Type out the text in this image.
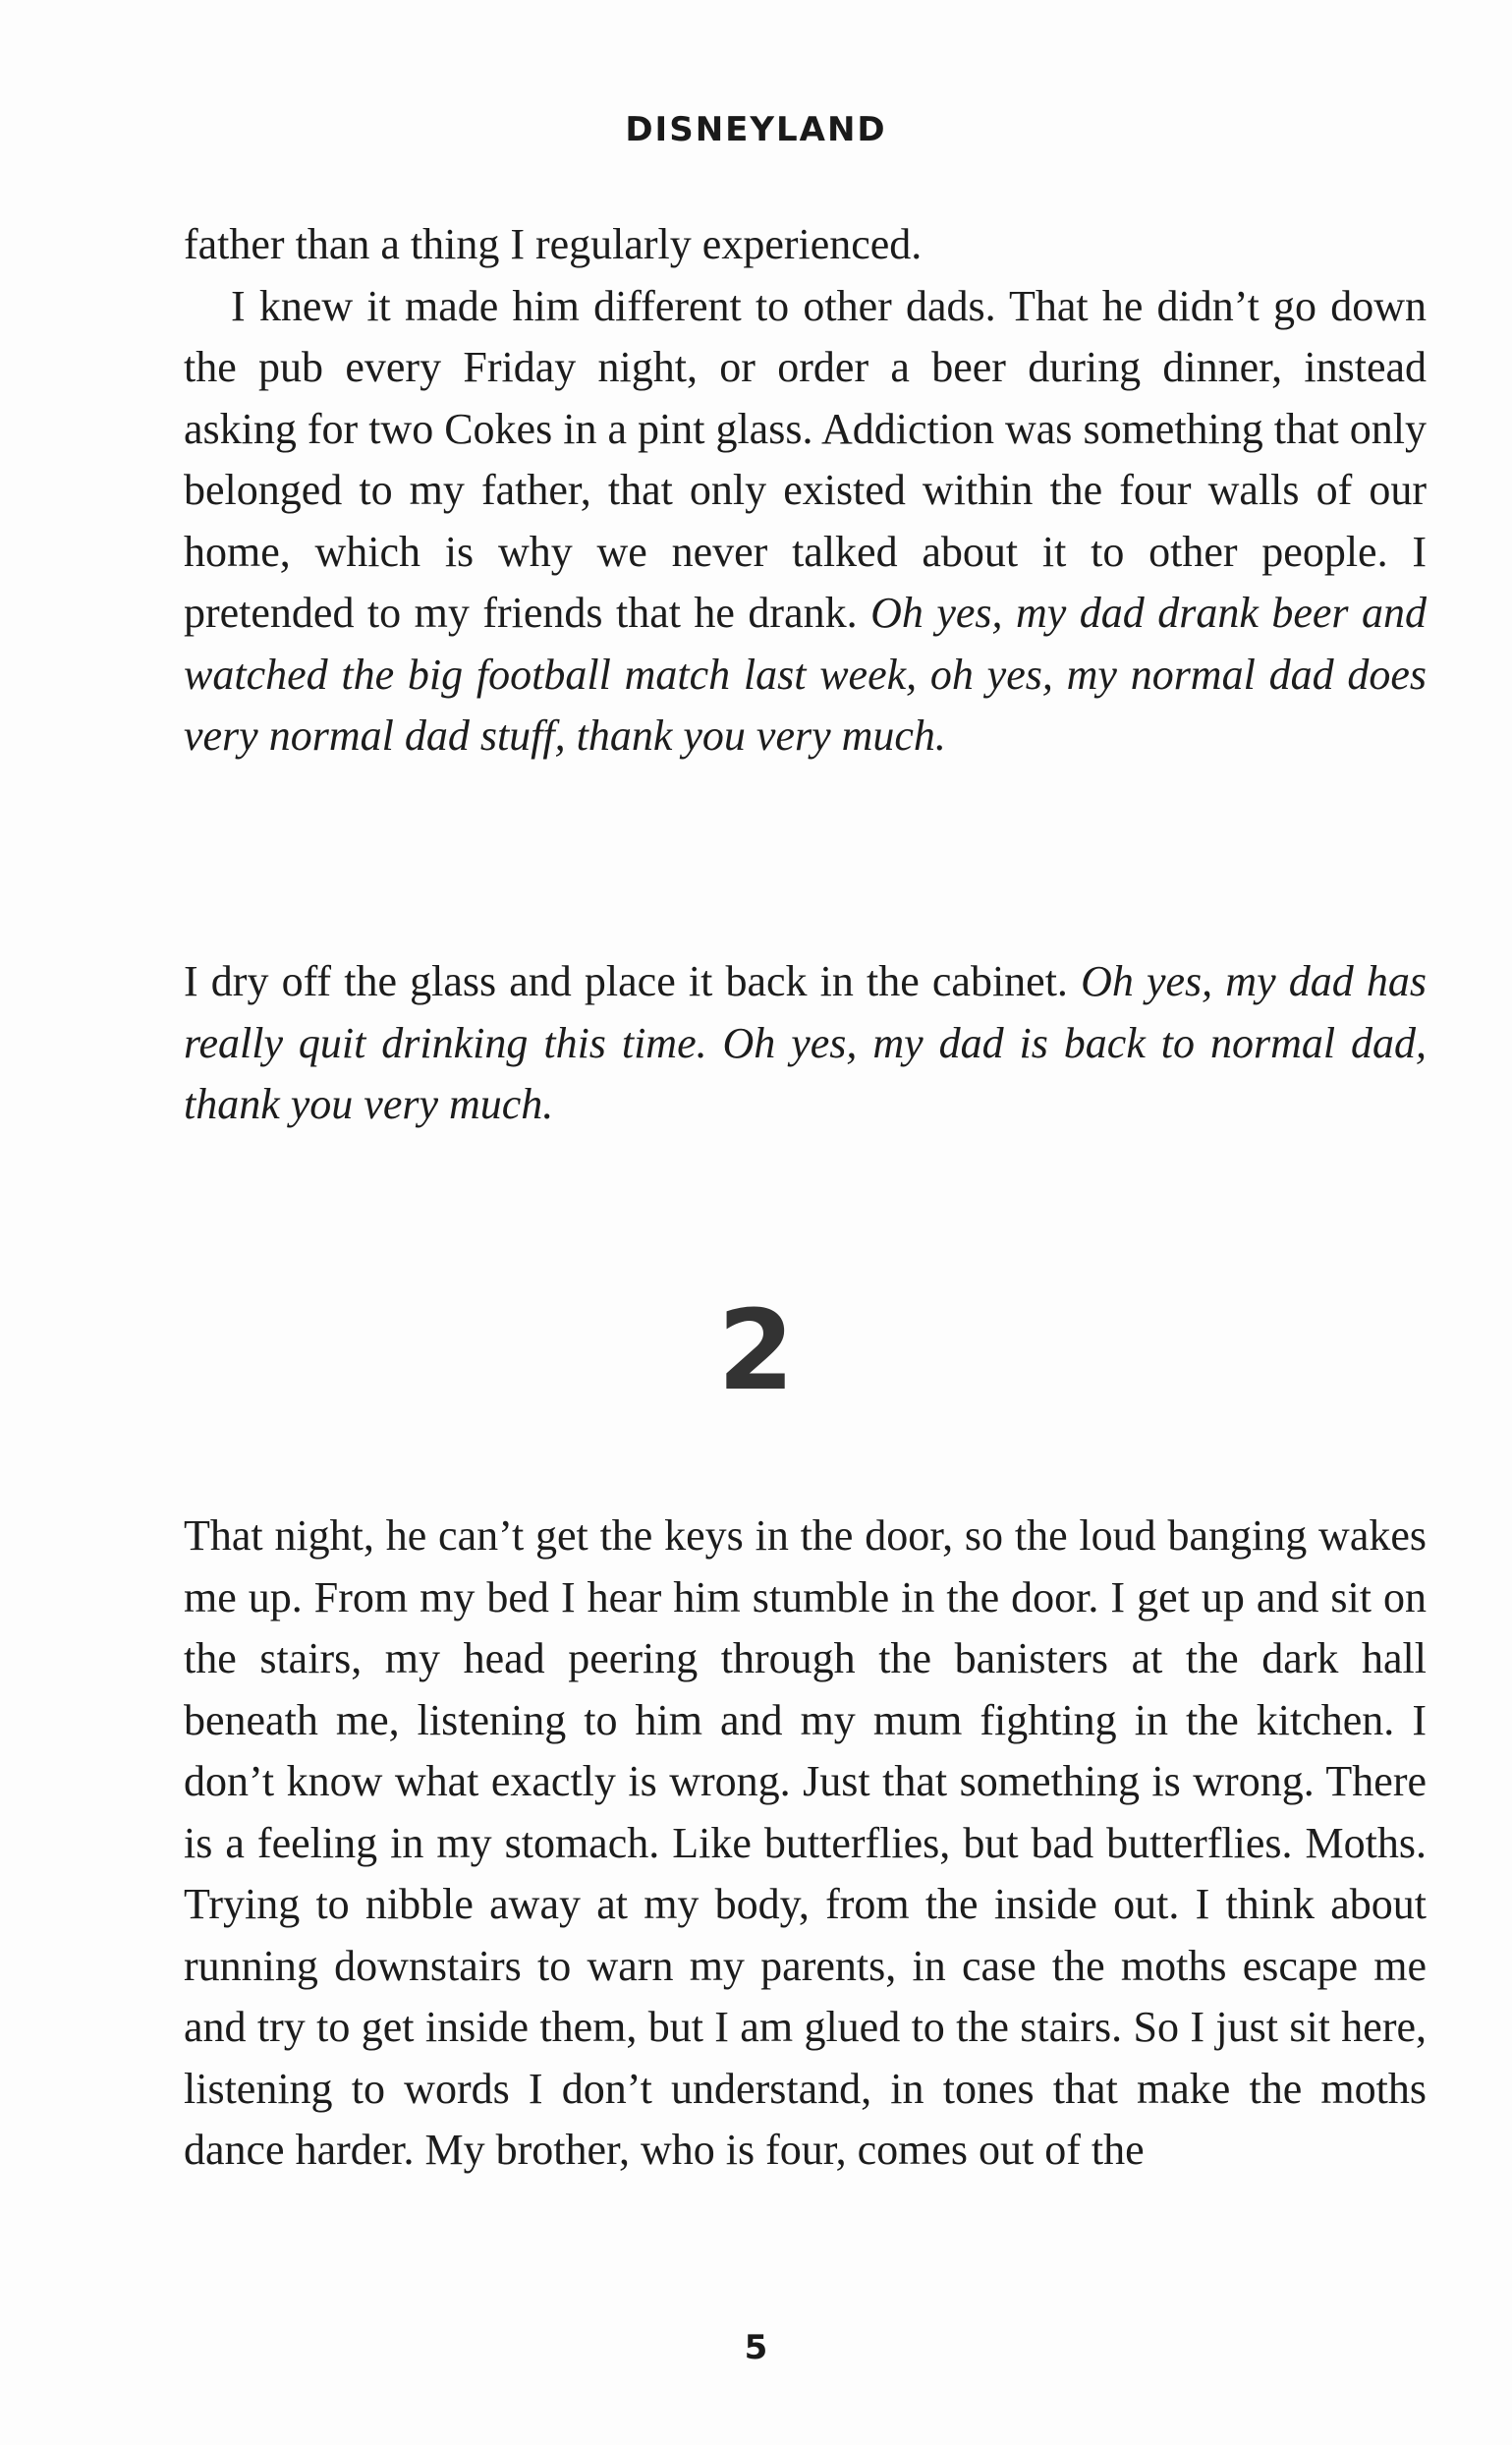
DISNEYLAND

father than a thing I regularly experienced.

I knew it made him different to other dads. That he didn’t go down the pub every Friday night, or order a beer during dinner, instead asking for two Cokes in a pint glass. Addiction was something that only belonged to my father, that only existed within the four walls of our home, which is why we never talked about it to other people. I pretended to my friends that he drank. Oh yes, my dad drank beer and watched the big football match last week, oh yes, my normal dad does very normal dad stuff, thank you very much.

I dry off the glass and place it back in the cabinet. Oh yes, my dad has really quit drinking this time. Oh yes, my dad is back to normal dad, thank you very much.

2

That night, he can’t get the keys in the door, so the loud banging wakes me up. From my bed I hear him stumble in the door. I get up and sit on the stairs, my head peering through the banisters at the dark hall beneath me, listening to him and my mum fighting in the kitchen. I don’t know what exactly is wrong. Just that something is wrong. There is a feeling in my stomach. Like butterflies, but bad butterflies. Moths. Trying to nibble away at my body, from the inside out. I think about running downstairs to warn my parents, in case the moths escape me and try to get inside them, but I am glued to the stairs. So I just sit here, listening to words I don’t understand, in tones that make the moths dance harder. My brother, who is four, comes out of the

5
